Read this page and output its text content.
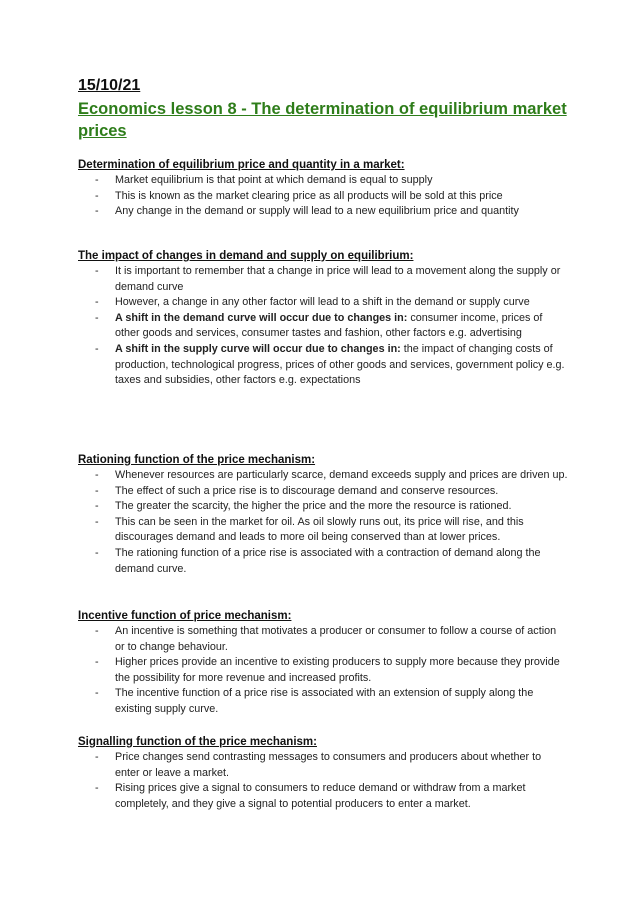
15/10/21

Economics lesson 8 - The determination of equilibrium market prices

Determination of equilibrium price and quantity in a market:

- Market equilibrium is that point at which demand is equal to supply
- This is known as the market clearing price as all products will be sold at this price
- Any change in the demand or supply will lead to a new equilibrium price and quantity

The impact of changes in demand and supply on equilibrium:

- It is important to remember that a change in price will lead to a movement along the supply or demand curve
- However, a change in any other factor will lead to a shift in the demand or supply curve
- A shift in the demand curve will occur due to changes in: consumer income, prices of other goods and services, consumer tastes and fashion, other factors e.g. advertising
- A shift in the supply curve will occur due to changes in: the impact of changing costs of production, technological progress, prices of other goods and services, government policy e.g. taxes and subsidies, other factors e.g. expectations

Rationing function of the price mechanism:

- Whenever resources are particularly scarce, demand exceeds supply and prices are driven up.
- The effect of such a price rise is to discourage demand and conserve resources.
- The greater the scarcity, the higher the price and the more the resource is rationed.
- This can be seen in the market for oil. As oil slowly runs out, its price will rise, and this discourages demand and leads to more oil being conserved than at lower prices.
- The rationing function of a price rise is associated with a contraction of demand along the demand curve.

Incentive function of price mechanism:

- An incentive is something that motivates a producer or consumer to follow a course of action or to change behaviour.
- Higher prices provide an incentive to existing producers to supply more because they provide the possibility for more revenue and increased profits.
- The incentive function of a price rise is associated with an extension of supply along the existing supply curve.

Signalling function of the price mechanism:

- Price changes send contrasting messages to consumers and producers about whether to enter or leave a market.
- Rising prices give a signal to consumers to reduce demand or withdraw from a market completely, and they give a signal to potential producers to enter a market.
